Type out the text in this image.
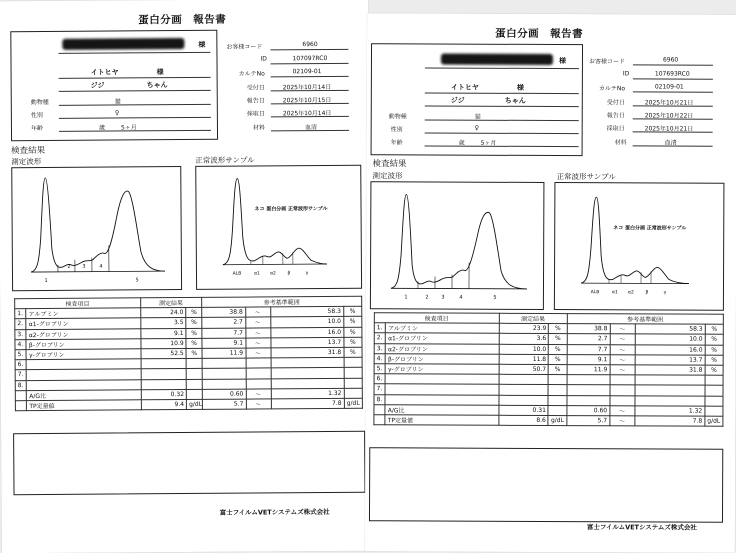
蛋白分画　報告書
様
イトヒヤ	様
ジジ	ちゃん
動物種	猫
性別	♀
年齢	歳	5ヶ月
お客様コード	6960
ID	107097RC0
カルテNo	02109-01
受付日	2025年10月14日
報告日	2025年10月15日
採取日	2025年10月14日
材料	血清
検査結果
測定波形	正常波形サンプル
1
2 3	4
5
ネコ 蛋白分画 正常波形サンプル
ALB	α1 α2	β	γ
検査項目		測定結果		参考基準範囲			
1.	アルブミン	24.0	%	38.8	～	58.3	%
2.	α1-グロブリン	3.5	%	2.7	～	10.0	%
3.	α2-グロブリン	9.1	%	7.7	～	16.0	%
4.	β-グロブリン	10.9	%	9.1	～	13.7	%
5.	γ-グロブリン	52.5	%	11.9	～	31.8	%
6.							
7.							
8.							
	A/G比	0.32		0.60	～	1.32	
	TP定量値	9.4	g/dL	5.7	～	7.8	g/dL
富士フイルムVETシステムズ株式会社
蛋白分画　報告書
様
イトヒヤ	様
ジジ	ちゃん
動物種	猫
性別	♀
年齢	歳	5ヶ月
お客様コード	6960
ID	107693RC0
カルテNo	02109-01
受付日	2025年10月21日
報告日	2025年10月22日
採取日	2025年10月21日
材料	血清
検査結果
測定波形	正常波形サンプル
1	2	3	4	5
ネコ 蛋白分画 正常波形サンプル
ALB	α1 α2	β	γ
検査項目		測定結果		参考基準範囲			
1.	アルブミン	23.9	%	38.8	～	58.3	%
2.	α1-グロブリン	3.6	%	2.7	～	10.0	%
3.	α2-グロブリン	10.0	%	7.7	～	16.0	%
4.	β-グロブリン	11.8	%	9.1	～	13.7	%
5.	γ-グロブリン	50.7	%	11.9	～	31.8	%
6.							
7.							
8.							
	A/G比	0.31		0.60	～	1.32	
	TP定量値	8.6	g/dL	5.7	～	7.8	g/dL
富士フイルムVETシステムズ株式会社
